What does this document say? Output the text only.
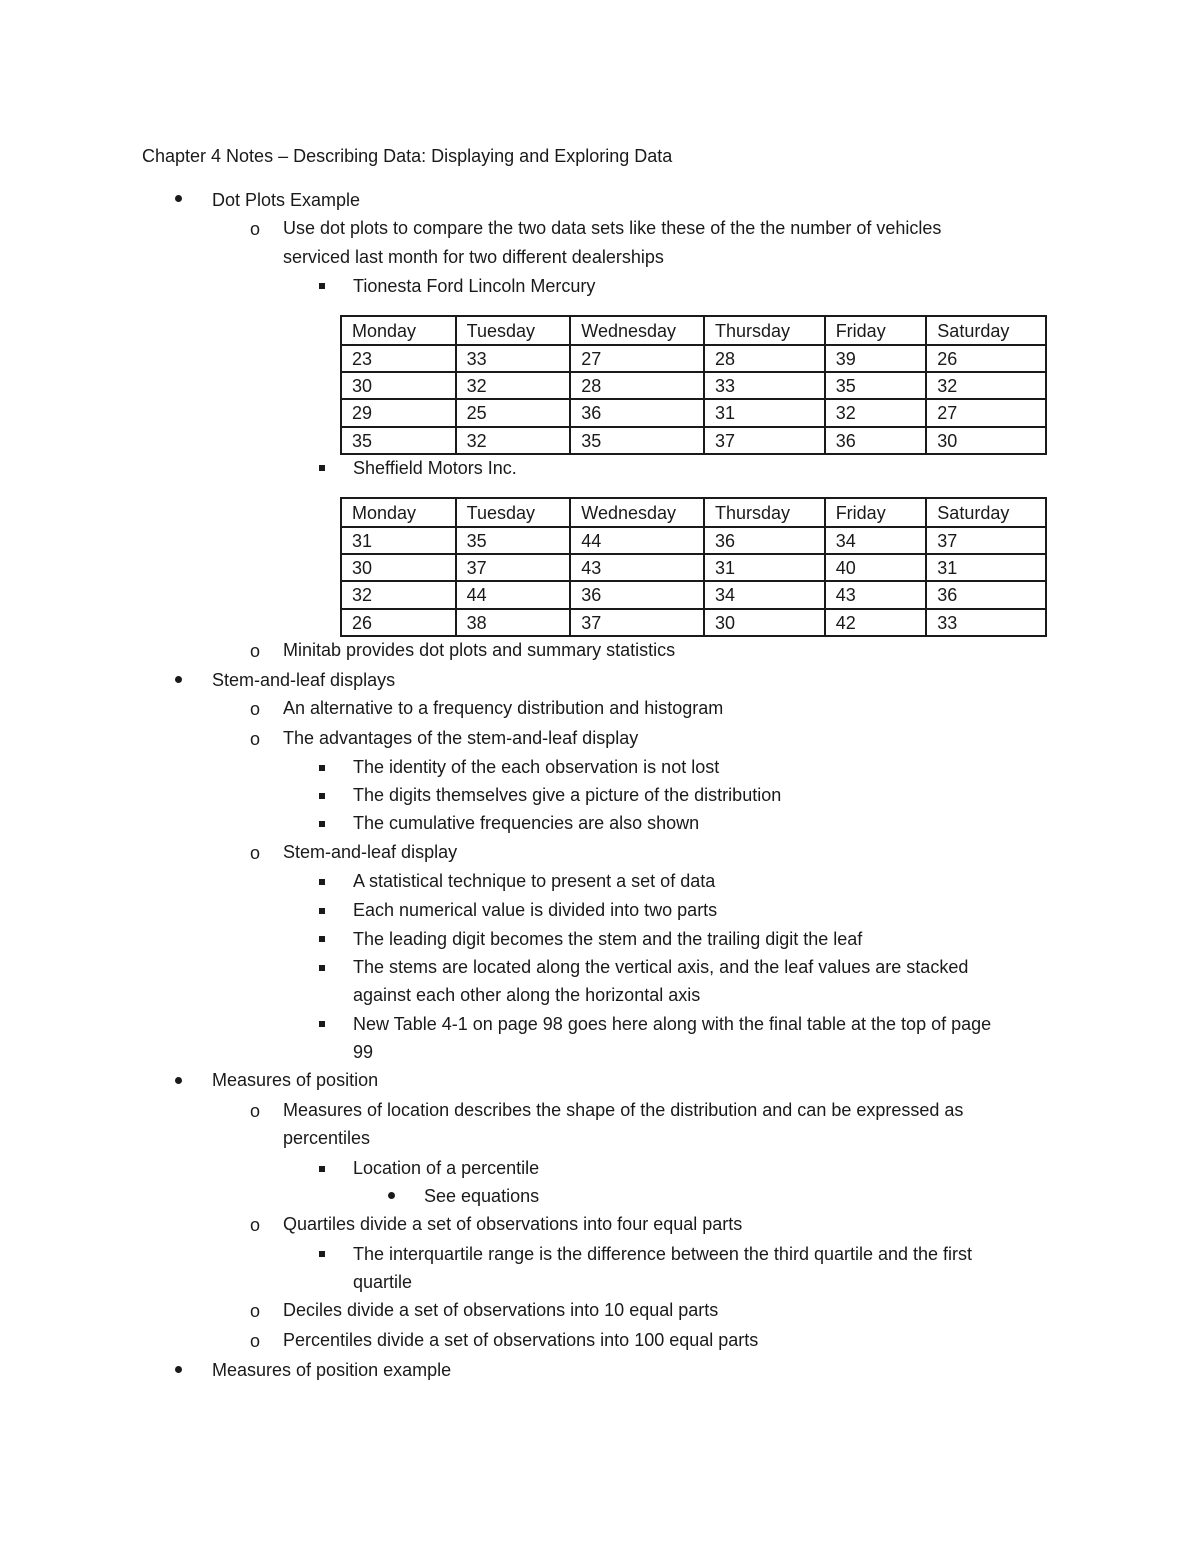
Chapter 4 Notes – Describing Data: Displaying and Exploring Data
Dot Plots Example
o Use dot plots to compare the two data sets like these of the the number of vehicles
serviced last month for two different dealerships
Tionesta Ford Lincoln Mercury
Monday	Tuesday	Wednesday	Thursday	Friday	Saturday
23	33	27	28	39	26
30	32	28	33	35	32
29	25	36	31	32	27
35	32	35	37	36	30
Sheffield Motors Inc.
Monday	Tuesday	Wednesday	Thursday	Friday	Saturday
31	35	44	36	34	37
30	37	43	31	40	31
32	44	36	34	43	36
26	38	37	30	42	33
o Minitab provides dot plots and summary statistics
Stem-and-leaf displays
o An alternative to a frequency distribution and histogram
o The advantages of the stem-and-leaf display
The identity of the each observation is not lost
The digits themselves give a picture of the distribution
The cumulative frequencies are also shown
o Stem-and-leaf display
A statistical technique to present a set of data
Each numerical value is divided into two parts
The leading digit becomes the stem and the trailing digit the leaf
The stems are located along the vertical axis, and the leaf values are stacked
against each other along the horizontal axis
New Table 4-1 on page 98 goes here along with the final table at the top of page
99
Measures of position
o Measures of location describes the shape of the distribution and can be expressed as
percentiles
Location of a percentile
See equations
o Quartiles divide a set of observations into four equal parts
The interquartile range is the difference between the third quartile and the first
quartile
o Deciles divide a set of observations into 10 equal parts
o Percentiles divide a set of observations into 100 equal parts
Measures of position example
